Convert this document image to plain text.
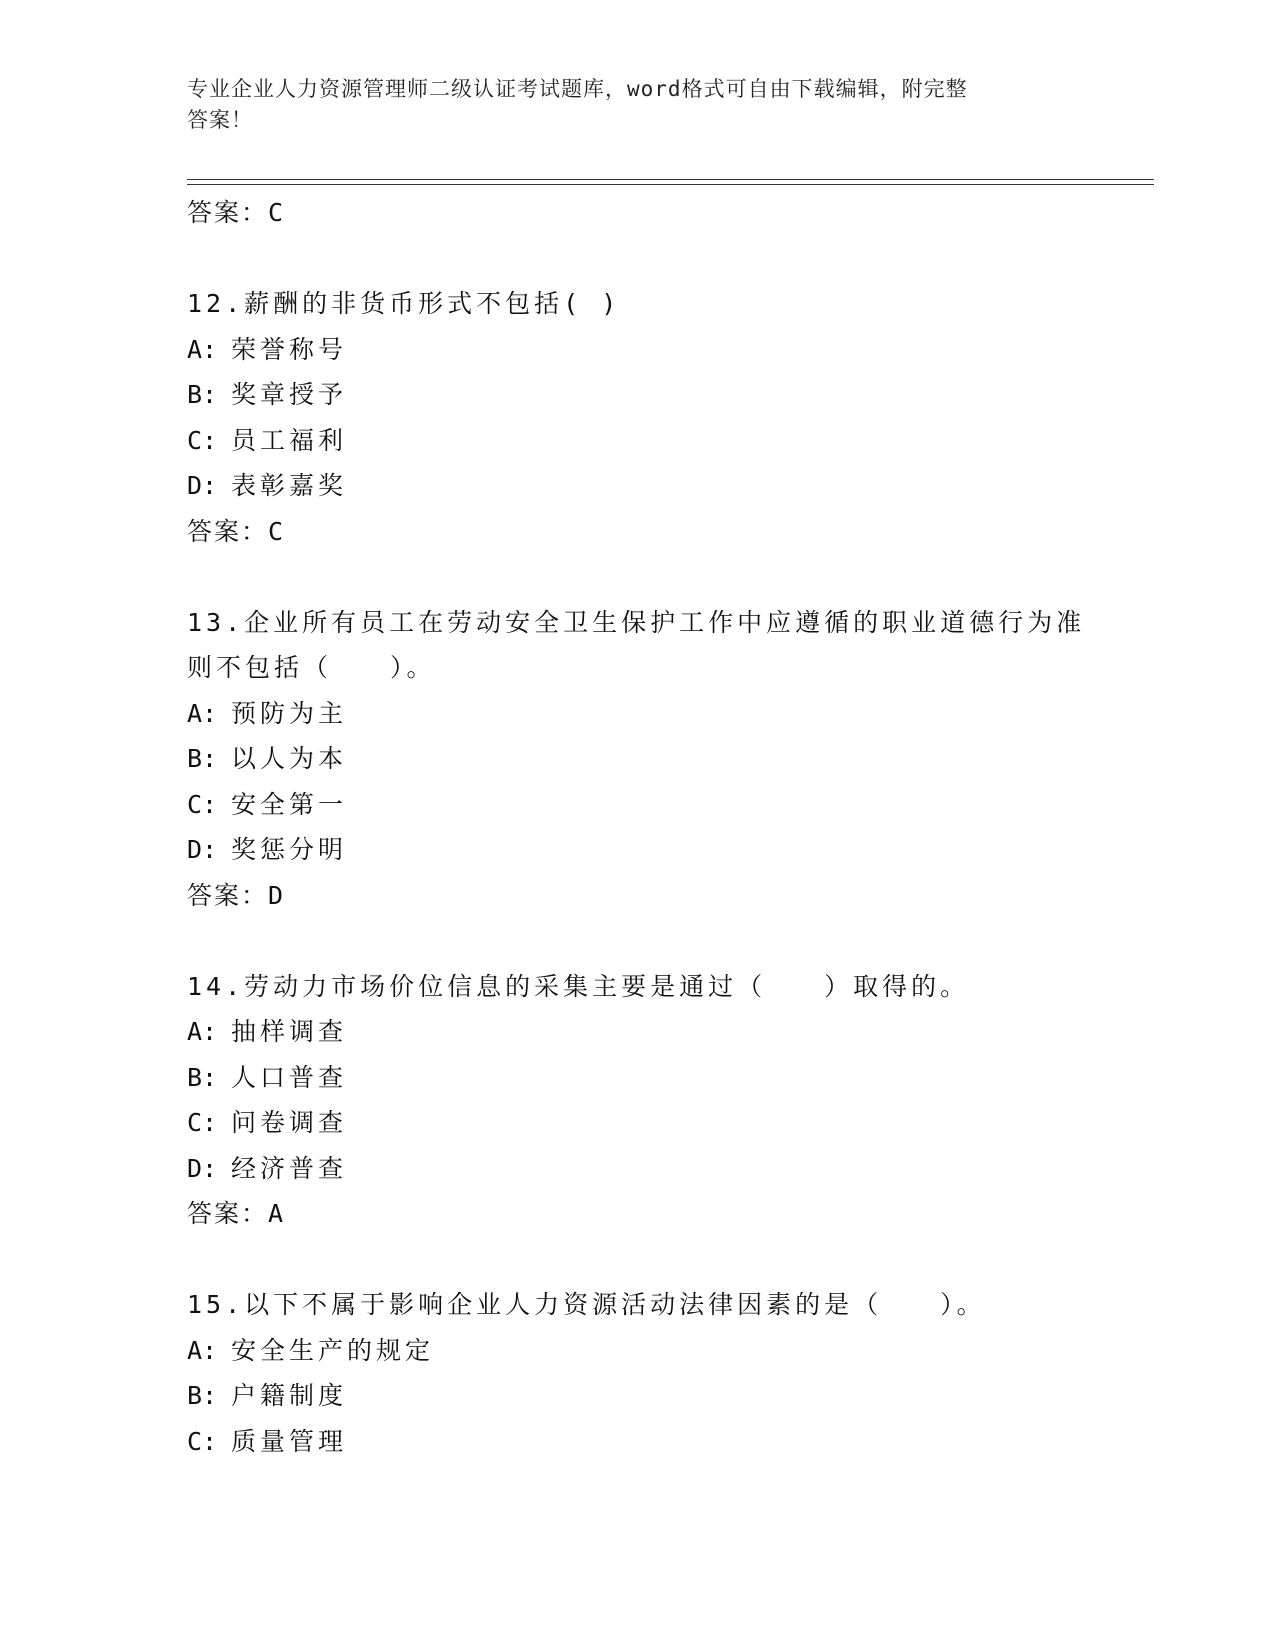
专业企业人力资源管理师二级认证考试题库，word格式可自由下载编辑，附完整
答案！

答案：C

12.薪酬的非货币形式不包括( )

A: 荣誉称号

B: 奖章授予

C: 员工福利

D: 表彰嘉奖

答案：C

13.企业所有员工在劳动安全卫生保护工作中应遵循的职业道德行为准

则不包括（　　）。

A: 预防为主

B: 以人为本

C: 安全第一

D: 奖惩分明

答案：D

14.劳动力市场价位信息的采集主要是通过（　　）取得的。

A: 抽样调查

B: 人口普查

C: 问卷调查

D: 经济普查

答案：A

15.以下不属于影响企业人力资源活动法律因素的是（　　）。

A: 安全生产的规定

B: 户籍制度

C: 质量管理
